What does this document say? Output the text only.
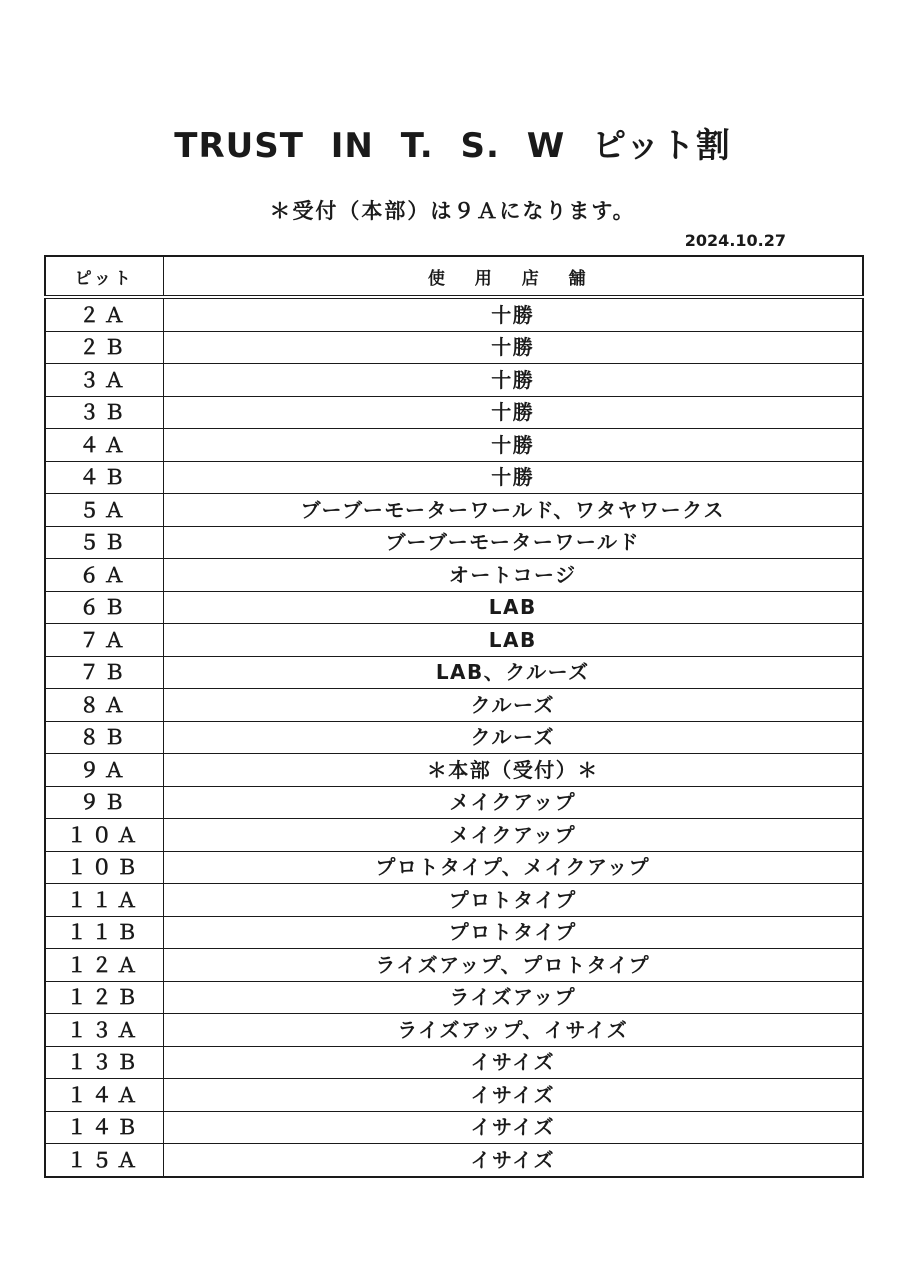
TRUST IN T. S. W ピット割
＊受付（本部）は９Ａになります。
2024.10.27
ピット	使 用 店 舗
２Ａ	十勝
２Ｂ	十勝
３Ａ	十勝
３Ｂ	十勝
４Ａ	十勝
４Ｂ	十勝
５Ａ	ブーブーモーターワールド、ワタヤワークス
５Ｂ	ブーブーモーターワールド
６Ａ	オートコージ
６Ｂ	LAB
７Ａ	LAB
７Ｂ	LAB、クルーズ
８Ａ	クルーズ
８Ｂ	クルーズ
９Ａ	＊本部（受付）＊
９Ｂ	メイクアップ
１０Ａ	メイクアップ
１０Ｂ	プロトタイプ、メイクアップ
１１Ａ	プロトタイプ
１１Ｂ	プロトタイプ
１２Ａ	ライズアップ、プロトタイプ
１２Ｂ	ライズアップ
１３Ａ	ライズアップ、イサイズ
１３Ｂ	イサイズ
１４Ａ	イサイズ
１４Ｂ	イサイズ
１５Ａ	イサイズ
